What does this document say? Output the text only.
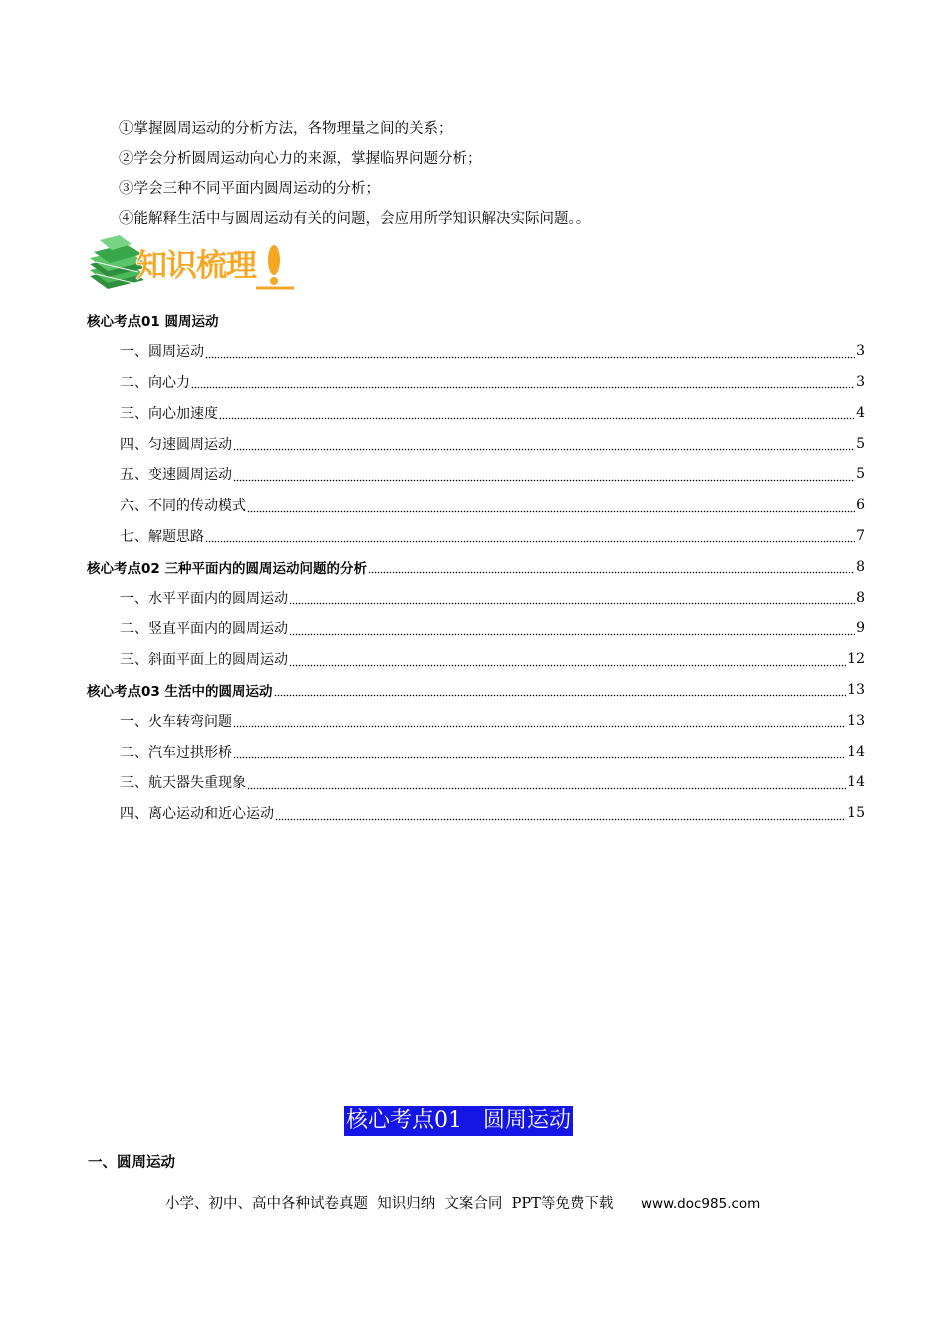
①掌握圆周运动的分析方法，各物理量之间的关系；
②学会分析圆周运动向心力的来源，掌握临界问题分析；
③学会三种不同平面内圆周运动的分析；
④能解释生活中与圆周运动有关的问题，会应用所学知识解决实际问题。。
知识梳理
核心考点01 圆周运动
一、圆周运动	3
二、向心力	3
三、向心加速度	4
四、匀速圆周运动	5
五、变速圆周运动	5
六、不同的传动模式	6
七、解题思路	7
核心考点02 三种平面内的圆周运动问题的分析	8
一、水平平面内的圆周运动	8
二、竖直平面内的圆周运动	9
三、斜面平面上的圆周运动	12
核心考点03 生活中的圆周运动	13
一、火车转弯问题	13
二、汽车过拱形桥	14
三、航天器失重现象	14
四、离心运动和近心运动	15
核心考点01   圆周运动
一、圆周运动
小学、初中、高中各种试卷真题  知识归纳  文案合同  PPT等免费下载      www.doc985.com
